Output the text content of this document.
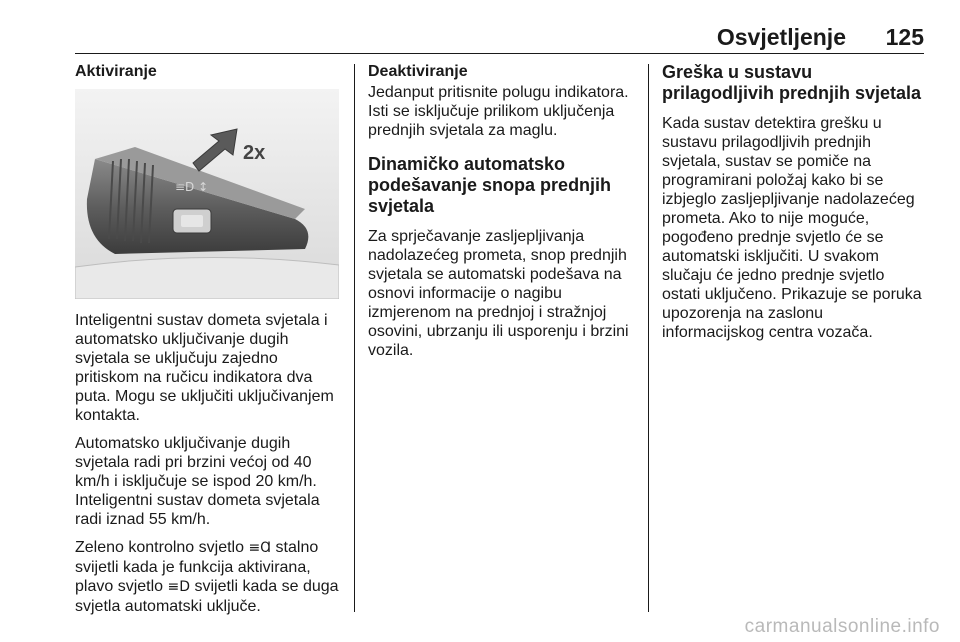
Osvjetljenje 125
Aktiviranje
≡D ↕
2x

Inteligentni sustav dometa svjetala i automatsko uključivanje dugih svjetala se uključuju zajedno pritiskom na ručicu indikatora dva puta. Mogu se uključiti uključivanjem kontakta.

Automatsko uključivanje dugih svjetala radi pri brzini većoj od 40 km/h i isključuje se ispod 20 km/h. Inteligentni sustav dometa svjetala radi iznad 55 km/h.

Zeleno kontrolno svjetlo ≡Ɑ stalno svijetli kada je funkcija aktivirana, plavo svjetlo ≡D svijetli kada se duga svjetla automatski uključe.

Deaktiviranje

Jedanput pritisnite polugu indikatora. Isti se isključuje prilikom uključenja prednjih svjetala za maglu.

Dinamičko automatsko podešavanje snopa prednjih svjetala

Za sprječavanje zasljepljivanja nadolazećeg prometa, snop prednjih svjetala se automatski podešava na osnovi informacije o nagibu izmjerenom na prednjoj i stražnjoj osovini, ubrzanju ili usporenju i brzini vozila.

Greška u sustavu prilagodljivih prednjih svjetala

Kada sustav detektira grešku u sustavu prilagodljivih prednjih svjetala, sustav se pomiče na programirani položaj kako bi se izbjeglo zasljepljivanje nadolazećeg prometa. Ako to nije moguće, pogođeno prednje svjetlo će se automatski isključiti. U svakom slučaju će jedno prednje svjetlo ostati uključeno. Prikazuje se poruka upozorenja na zaslonu informacijskog centra vozača.

carmanualsonline.info
